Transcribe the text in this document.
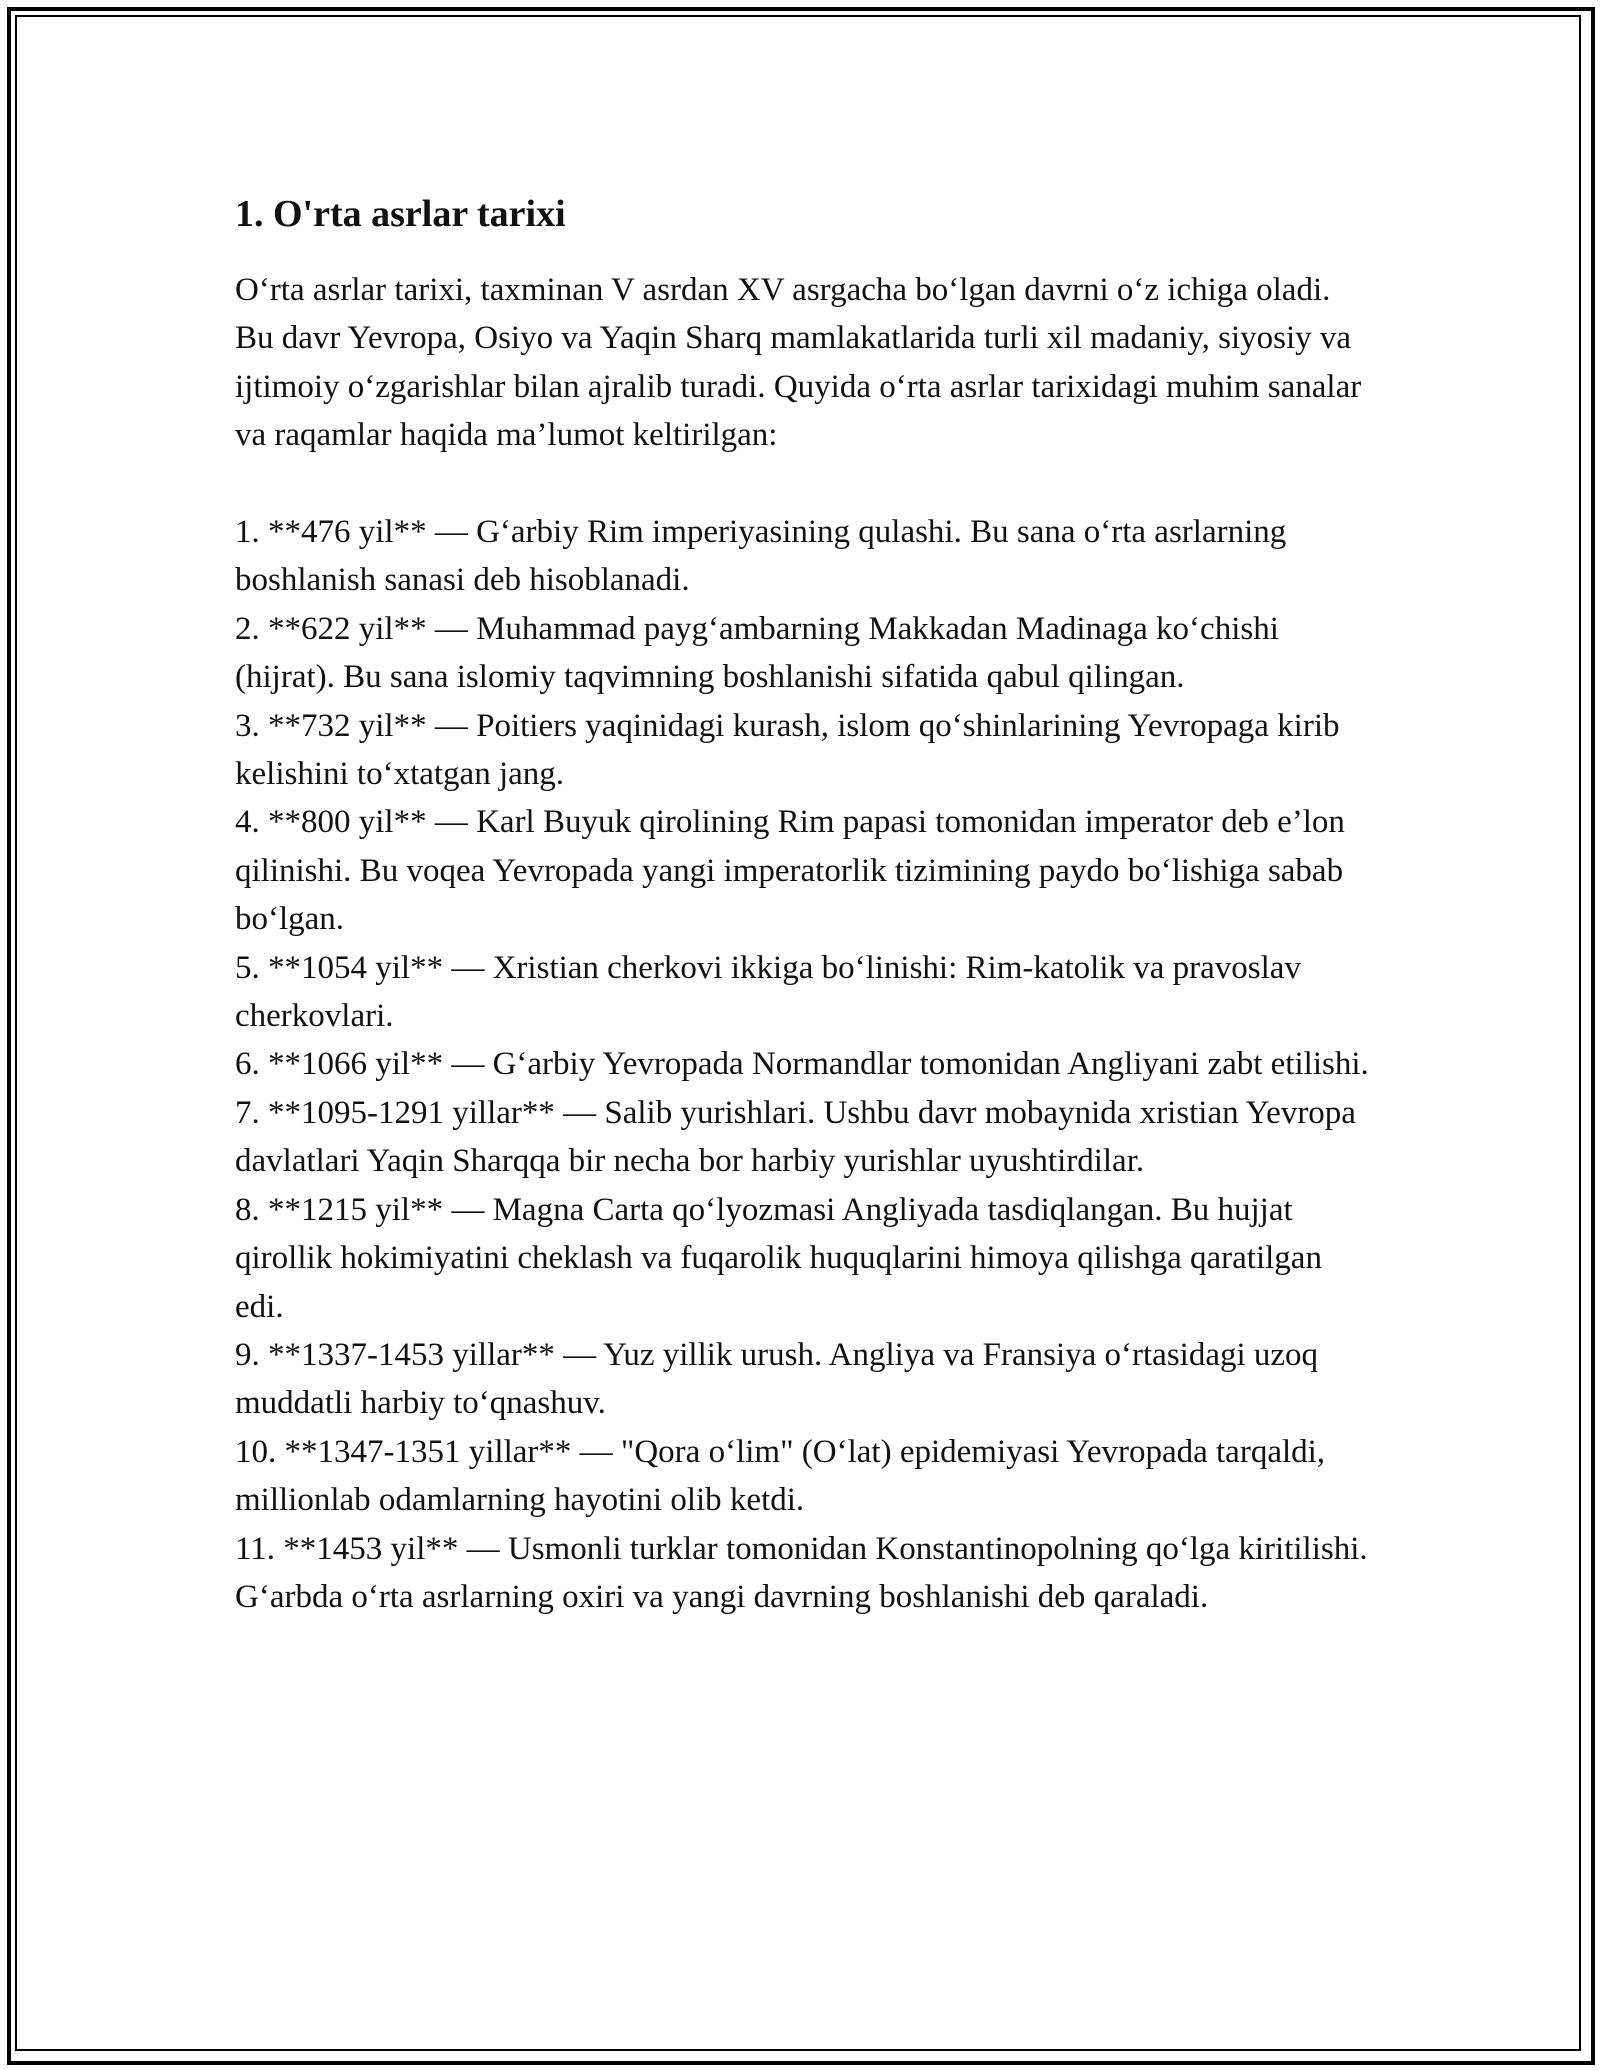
1. O'rta asrlar tarixi

O‘rta asrlar tarixi, taxminan V asrdan XV asrgacha bo‘lgan davrni o‘z ichiga oladi. Bu davr Yevropa, Osiyo va Yaqin Sharq mamlakatlarida turli xil madaniy, siyosiy va ijtimoiy o‘zgarishlar bilan ajralib turadi. Quyida o‘rta asrlar tarixidagi muhim sanalar va raqamlar haqida ma’lumot keltirilgan:

1. **476 yil** — G‘arbiy Rim imperiyasining qulashi. Bu sana o‘rta asrlarning boshlanish sanasi deb hisoblanadi.
2. **622 yil** — Muhammad payg‘ambarning Makkadan Madinaga ko‘chishi (hijrat). Bu sana islomiy taqvimning boshlanishi sifatida qabul qilingan.
3. **732 yil** — Poitiers yaqinidagi kurash, islom qo‘shinlarining Yevropaga kirib kelishini to‘xtatgan jang.
4. **800 yil** — Karl Buyuk qirolining Rim papasi tomonidan imperator deb e’lon qilinishi. Bu voqea Yevropada yangi imperatorlik tizimining paydo bo‘lishiga sabab bo‘lgan.
5. **1054 yil** — Xristian cherkovi ikkiga bo‘linishi: Rim-katolik va pravoslav cherkovlari.
6. **1066 yil** — G‘arbiy Yevropada Normandlar tomonidan Angliyani zabt etilishi.
7. **1095-1291 yillar** — Salib yurishlari. Ushbu davr mobaynida xristian Yevropa davlatlari Yaqin Sharqqa bir necha bor harbiy yurishlar uyushtirdilar.
8. **1215 yil** — Magna Carta qo‘lyozmasi Angliyada tasdiqlangan. Bu hujjat qirollik hokimiyatini cheklash va fuqarolik huquqlarini himoya qilishga qaratilgan edi.
9. **1337-1453 yillar** — Yuz yillik urush. Angliya va Fransiya o‘rtasidagi uzoq muddatli harbiy to‘qnashuv.
10. **1347-1351 yillar** — "Qora o‘lim" (O‘lat) epidemiyasi Yevropada tarqaldi, millionlab odamlarning hayotini olib ketdi.
11. **1453 yil** — Usmonli turklar tomonidan Konstantinopolning qo‘lga kiritilishi. G‘arbda o‘rta asrlarning oxiri va yangi davrning boshlanishi deb qaraladi.
